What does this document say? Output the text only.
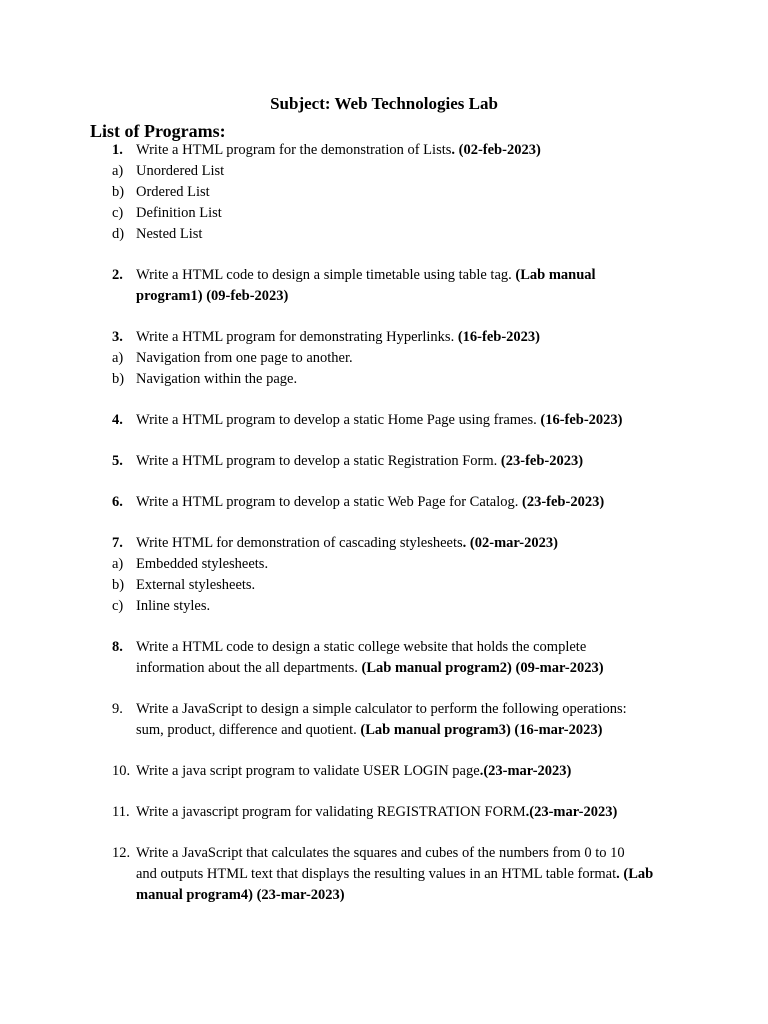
Subject: Web Technologies Lab
List of Programs:
1. Write a HTML program for the demonstration of Lists. (02-feb-2023)
a) Unordered List
b) Ordered List
c) Definition List
d) Nested List
2. Write a HTML code to design a simple timetable using table tag. (Lab manual
program1) (09-feb-2023)
3. Write a HTML program for demonstrating Hyperlinks. (16-feb-2023)
a) Navigation from one page to another.
b) Navigation within the page.
4. Write a HTML program to develop a static Home Page using frames. (16-feb-2023)
5. Write a HTML program to develop a static Registration Form. (23-feb-2023)
6. Write a HTML program to develop a static Web Page for Catalog. (23-feb-2023)
7. Write HTML for demonstration of cascading stylesheets. (02-mar-2023)
a) Embedded stylesheets.
b) External stylesheets.
c) Inline styles.
8. Write a HTML code to design a static college website that holds the complete
information about the all departments. (Lab manual program2) (09-mar-2023)
9. Write a JavaScript to design a simple calculator to perform the following operations:
sum, product, difference and quotient. (Lab manual program3) (16-mar-2023)
10. Write a java script program to validate USER LOGIN page.(23-mar-2023)
11. Write a javascript program for validating REGISTRATION FORM.(23-mar-2023)
12. Write a JavaScript that calculates the squares and cubes of the numbers from 0 to 10
and outputs HTML text that displays the resulting values in an HTML table format. (Lab
manual program4) (23-mar-2023)
